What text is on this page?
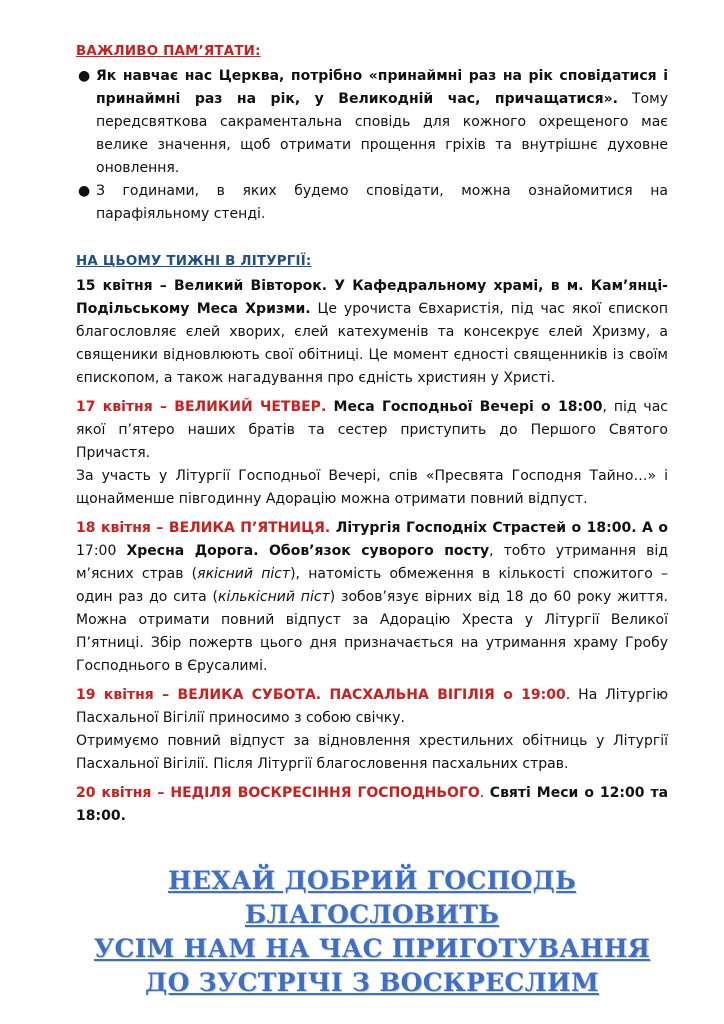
ВАЖЛИВО ПАМ’ЯТАТИ:
● Як навчає нас Церква, потрібно «принаймні раз на рік сповідатися і принаймні раз на рік, у Великодній час, причащатися». Тому передсвяткова сакраментальна сповідь для кожного охрещеного має велике значення, щоб отримати прощення гріхів та внутрішнє духовне оновлення.
● З годинами, в яких будемо сповідати, можна ознайомитися на парафіяльному стенді.
НА ЦЬОМУ ТИЖНІ В ЛІТУРГІЇ:

15 квітня – Великий Вівторок. У Кафедральному храмі, в м. Кам’янці-Подільському Меса Хризми. Це урочиста Євхаристія, під час якої єпископ благословляє єлей хворих, єлей катехуменів та консекрує єлей Хризму, а священики відновлюють свої обітниці. Це момент єдності священників із своїм єпископом, а також нагадування про єдність християн у Христі.

17 квітня – ВЕЛИКИЙ ЧЕТВЕР. Меса Господньої Вечері о 18:00, під час якої п’ятеро наших братів та сестер приступить до Першого Святого Причастя.

За участь у Літургії Господньої Вечері, спів «Пресвята Господня Тайно…» і щонайменше півгодинну Адорацію можна отримати повний відпуст.

18 квітня – ВЕЛИКА П’ЯТНИЦЯ. Літургія Господніх Страстей о 18:00. А о 17:00 Хресна Дорога. Обов’язок суворого посту, тобто утримання від м’ясних страв (якісний піст), натомість обмеження в кількості спожитого – один раз до сита (кількісний піст) зобов’язує вірних від 18 до 60 року життя. Можна отримати повний відпуст за Адорацію Хреста у Літургії Великої П’ятниці. Збір пожертв цього дня призначається на утримання храму Гробу Господнього в Єрусалимі.

19 квітня – ВЕЛИКА СУБОТА. ПАСХАЛЬНА ВІГІЛІЯ о 19:00. На Літургію Пасхальної Вігілії приносимо з собою свічку.

Отримуємо повний відпуст за відновлення хрестильних обітниць у Літургії Пасхальної Вігілії. Після Літургії благословення пасхальних страв.

20 квітня – НЕДІЛЯ ВОСКРЕСІННЯ ГОСПОДНЬОГО. Святі Меси о 12:00 та 18:00.

НЕХАЙ ДОБРИЙ ГОСПОДЬ БЛАГОСЛОВИТЬ
УСІМ НАМ НА ЧАС ПРИГОТУВАННЯ
ДО ЗУСТРІЧІ З ВОСКРЕСЛИМ
